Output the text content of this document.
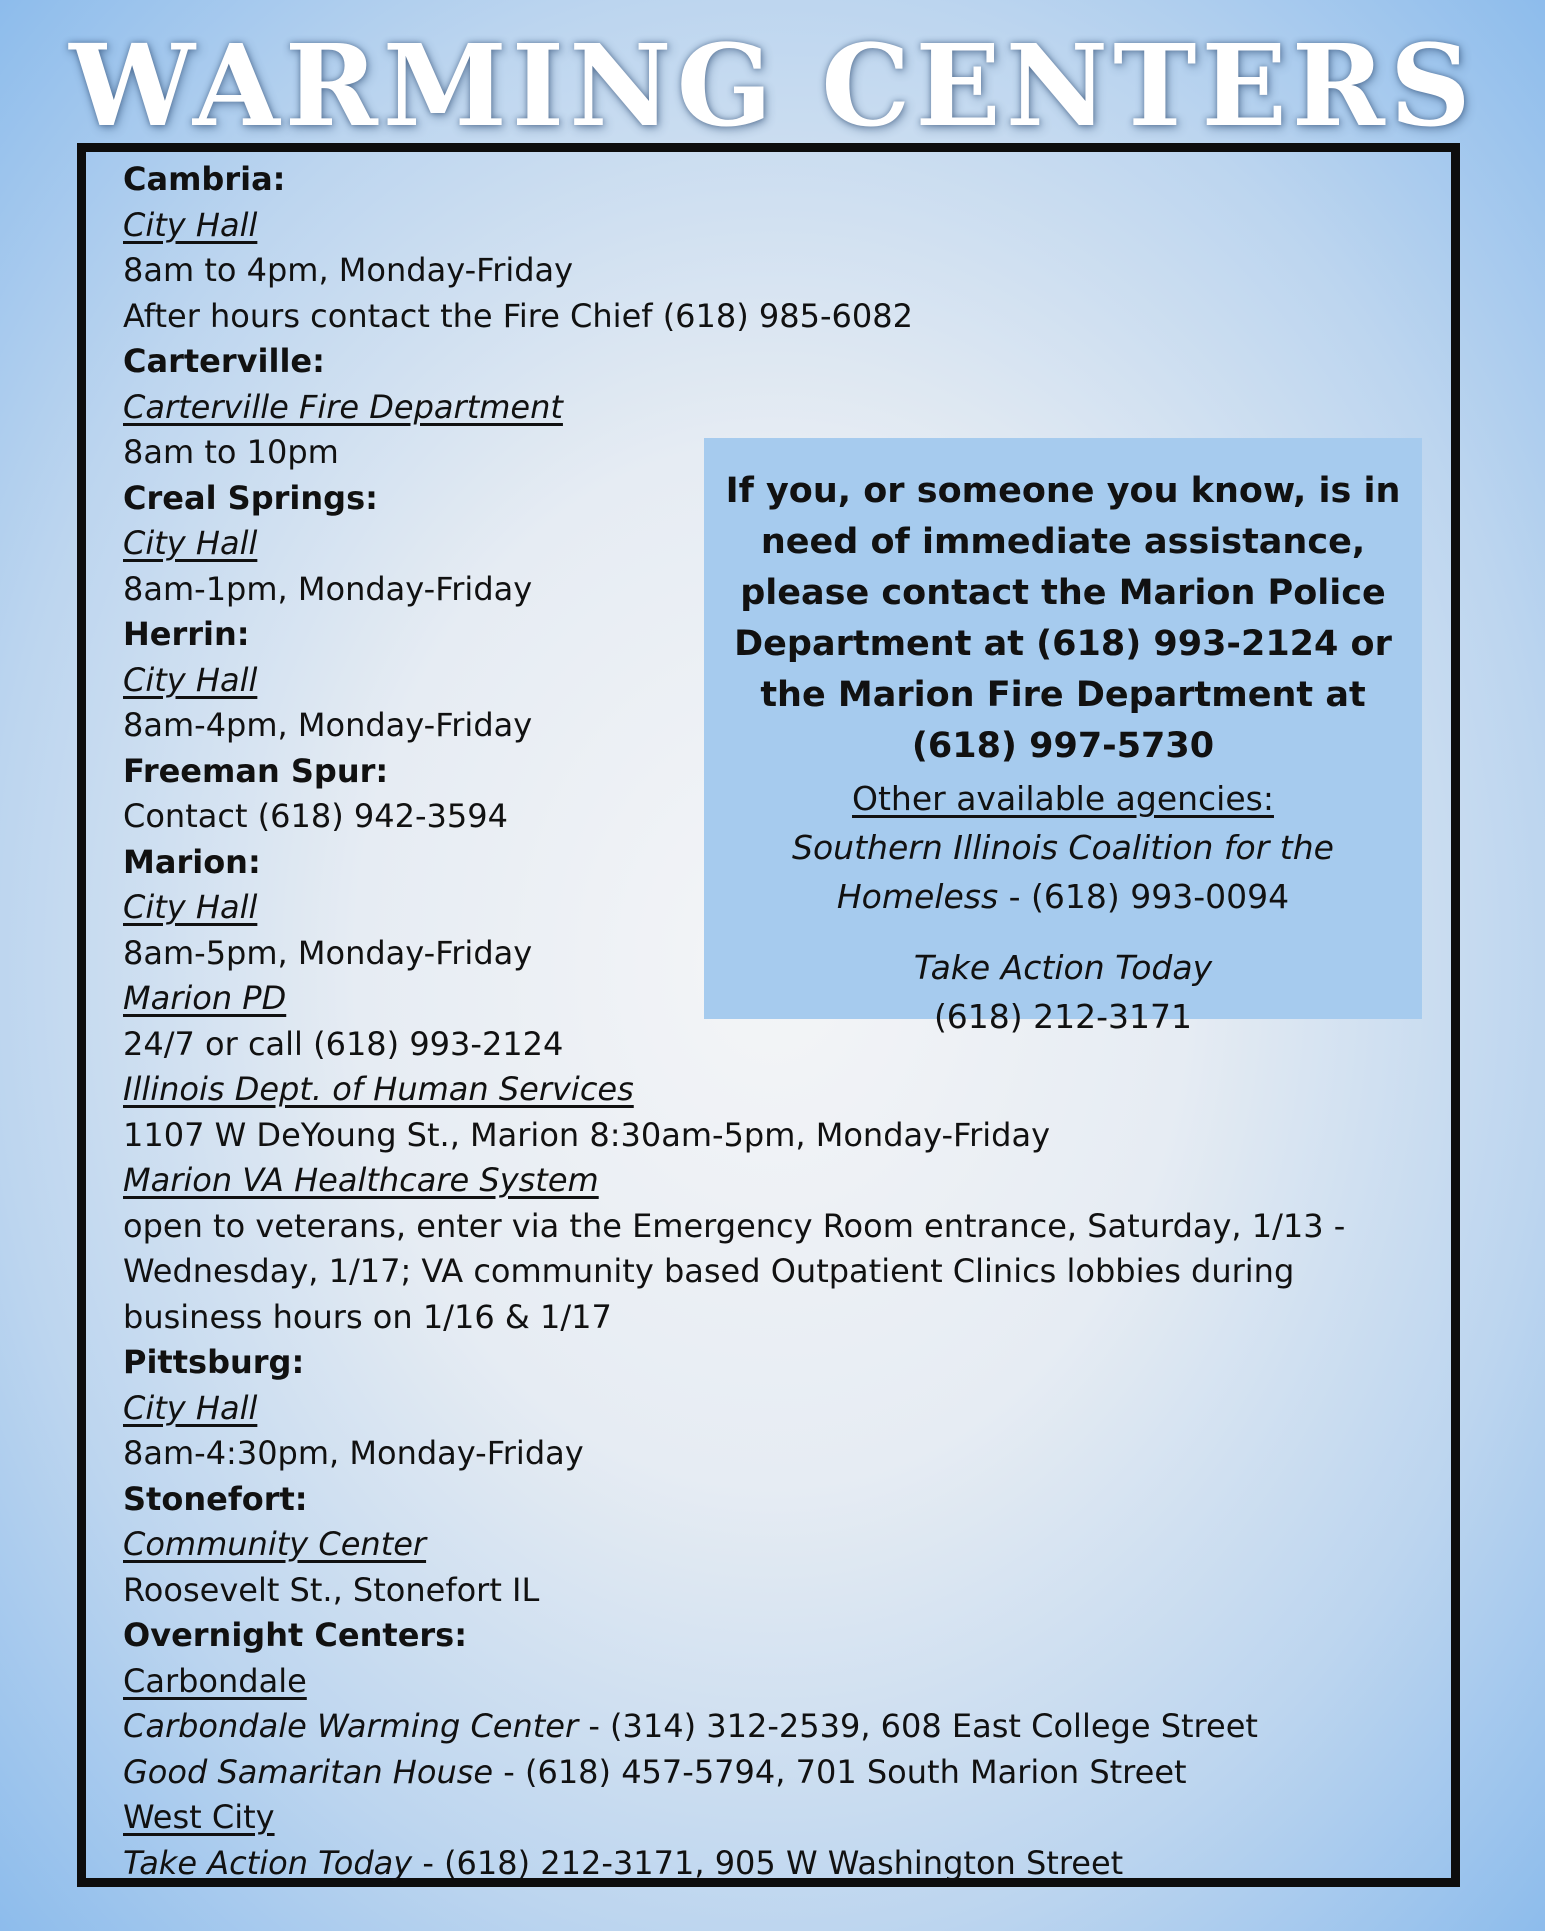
WARMING CENTERS
Cambria:
City Hall
8am to 4pm, Monday-Friday
After hours contact the Fire Chief (618) 985-6082
Carterville:
Carterville Fire Department
8am to 10pm
Creal Springs:
City Hall
8am-1pm, Monday-Friday
Herrin:
City Hall
8am-4pm, Monday-Friday
Freeman Spur:
Contact (618) 942-3594
Marion:
City Hall
8am-5pm, Monday-Friday
Marion PD
24/7 or call (618) 993-2124
Illinois Dept. of Human Services
1107 W DeYoung St., Marion 8:30am-5pm, Monday-Friday
Marion VA Healthcare System
open to veterans, enter via the Emergency Room entrance, Saturday, 1/13 - Wednesday, 1/17; VA community based Outpatient Clinics lobbies during business hours on 1/16 & 1/17
Pittsburg:
City Hall
8am-4:30pm, Monday-Friday
Stonefort:
Community Center
Roosevelt St., Stonefort IL
Overnight Centers:
Carbondale
Carbondale Warming Center - (314) 312-2539, 608 East College Street
Good Samaritan House - (618) 457-5794, 701 South Marion Street
West City
Take Action Today - (618) 212-3171, 905 W Washington Street
If you, or someone you know, is in need of immediate assistance, please contact the Marion Police Department at (618) 993-2124 or the Marion Fire Department at (618) 997-5730
Other available agencies:
Southern Illinois Coalition for the Homeless - (618) 993-0094
Take Action Today
(618) 212-3171
